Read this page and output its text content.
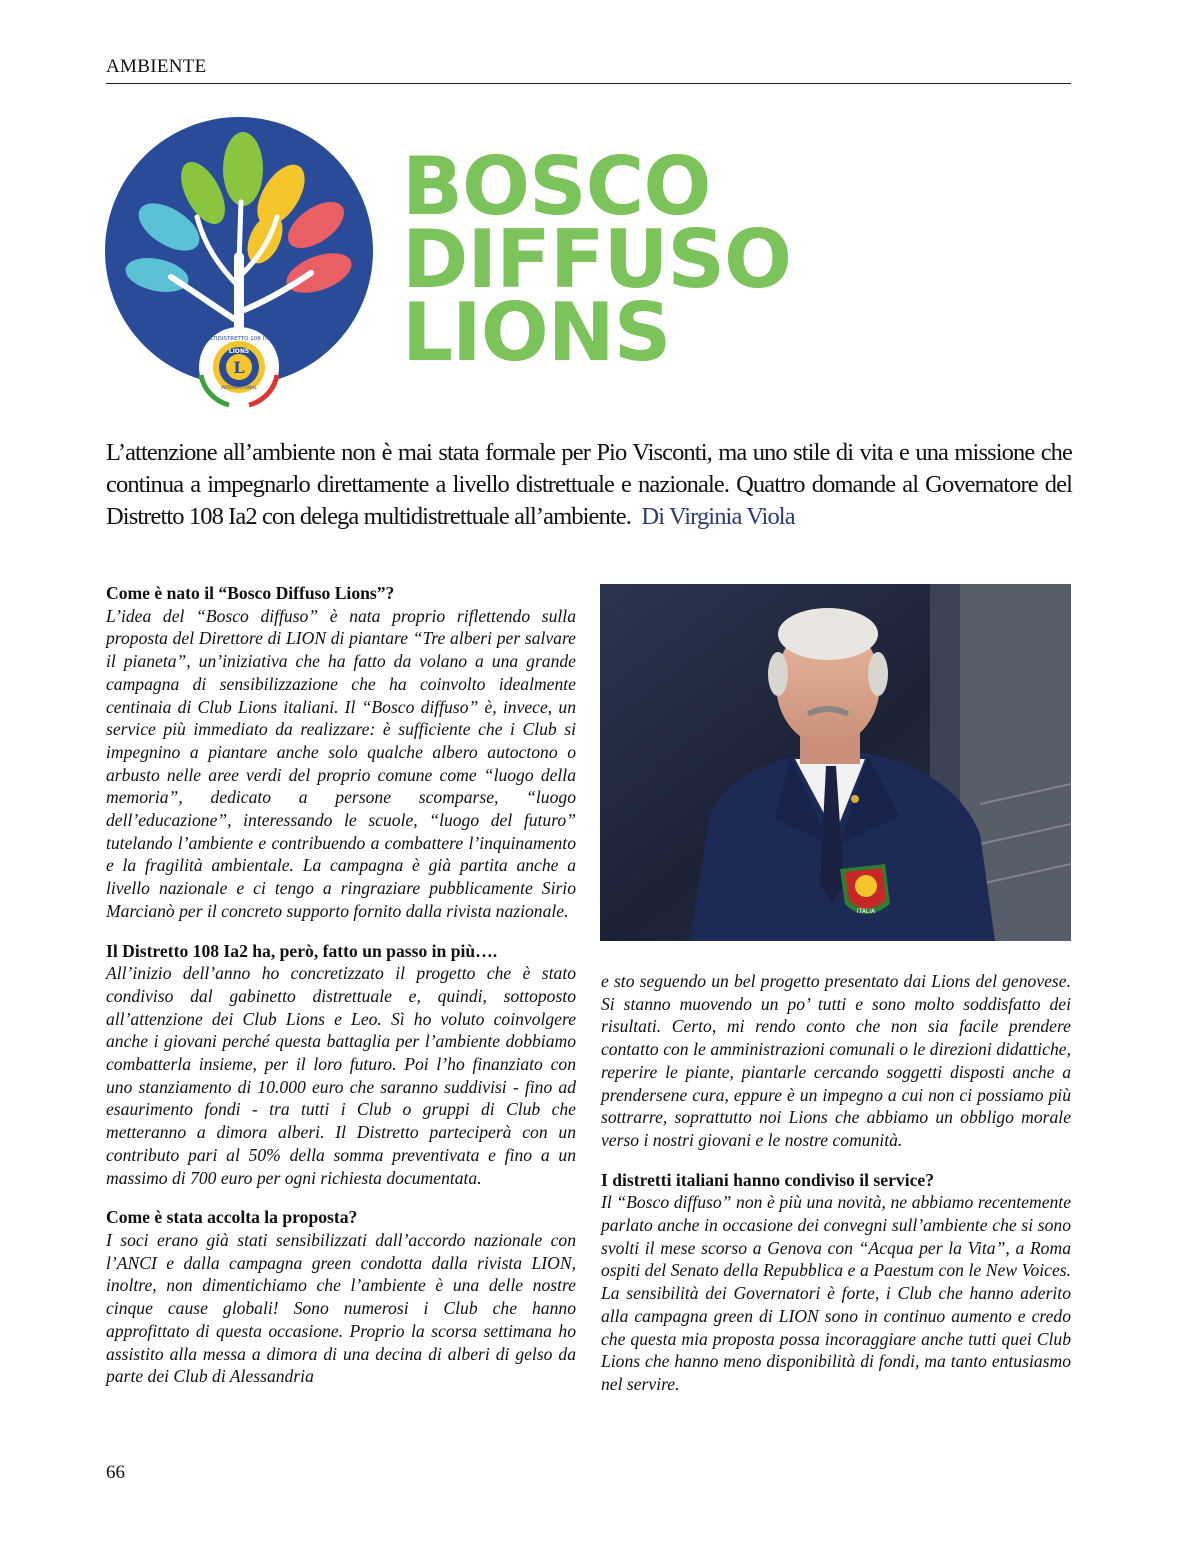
AMBIENTE
MULTIDISTRETTO 108 ITALY
LIONS
L
INTERNATIONAL
BOSCO
DIFFUSO
LIONS
L’attenzione all’ambiente non è mai stata formale per Pio Visconti, ma uno stile di vita e una missione che continua a impegnarlo direttamente a livello distrettuale e nazionale. Quattro domande al Governatore del Distretto 108 Ia2 con delega multidistrettuale all’ambiente. Di Virginia Viola
Come è nato il “Bosco Diffuso Lions”?
L’idea del “Bosco diffuso” è nata proprio riflettendo sulla proposta del Direttore di LION di piantare “Tre alberi per salvare il pianeta”, un’iniziativa che ha fatto da volano a una grande campagna di sensibilizzazione che ha coinvolto idealmente centinaia di Club Lions italiani. Il “Bosco diffuso” è, invece, un service più immediato da realizzare: è sufficiente che i Club si impegnino a piantare anche solo qualche albero autoctono o arbusto nelle aree verdi del proprio comune come “luogo della memoria”, dedicato a persone scomparse, “luogo dell’educazione”, interessando le scuole, “luogo del futuro” tutelando l’ambiente e contribuendo a combattere l’inquinamento e la fragilità ambientale. La campagna è già partita anche a livello nazionale e ci tengo a ringraziare pubblicamente Sirio Marcianò per il concreto supporto fornito dalla rivista nazionale.
Il Distretto 108 Ia2 ha, però, fatto un passo in più….
All’inizio dell’anno ho concretizzato il progetto che è stato condiviso dal gabinetto distrettuale e, quindi, sottoposto all’attenzione dei Club Lions e Leo. Sì ho voluto coinvolgere anche i giovani perché questa battaglia per l’ambiente dobbiamo combatterla insieme, per il loro futuro. Poi l’ho finanziato con uno stanziamento di 10.000 euro che saranno suddivisi - fino ad esaurimento fondi - tra tutti i Club o gruppi di Club che metteranno a dimora alberi. Il Distretto parteciperà con un contributo pari al 50% della somma preventivata e fino a un massimo di 700 euro per ogni richiesta documentata.
Come è stata accolta la proposta?
I soci erano già stati sensibilizzati dall’accordo nazionale con l’ANCI e dalla campagna green condotta dalla rivista LION, inoltre, non dimentichiamo che l’ambiente è una delle nostre cinque cause globali! Sono numerosi i Club che hanno approfittato di questa occasione. Proprio la scorsa settimana ho assistito alla messa a dimora di una decina di alberi di gelso da parte dei Club di Alessandria
ITALIA
e sto seguendo un bel progetto presentato dai Lions del genovese. Si stanno muovendo un po’ tutti e sono molto soddisfatto dei risultati. Certo, mi rendo conto che non sia facile prendere contatto con le amministrazioni comunali o le direzioni didattiche, reperire le piante, piantarle cercando soggetti disposti anche a prendersene cura, eppure è un impegno a cui non ci possiamo più sottrarre, soprattutto noi Lions che abbiamo un obbligo morale verso i nostri giovani e le nostre comunità.
I distretti italiani hanno condiviso il service?
Il “Bosco diffuso” non è più una novità, ne abbiamo recentemente parlato anche in occasione dei convegni sull’ambiente che si sono svolti il mese scorso a Genova con “Acqua per la Vita”, a Roma ospiti del Senato della Repubblica e a Paestum con le New Voices. La sensibilità dei Governatori è forte, i Club che hanno aderito alla campagna green di LION sono in continuo aumento e credo che questa mia proposta possa incoraggiare anche tutti quei Club Lions che hanno meno disponibilità di fondi, ma tanto entusiasmo nel servire.
66
